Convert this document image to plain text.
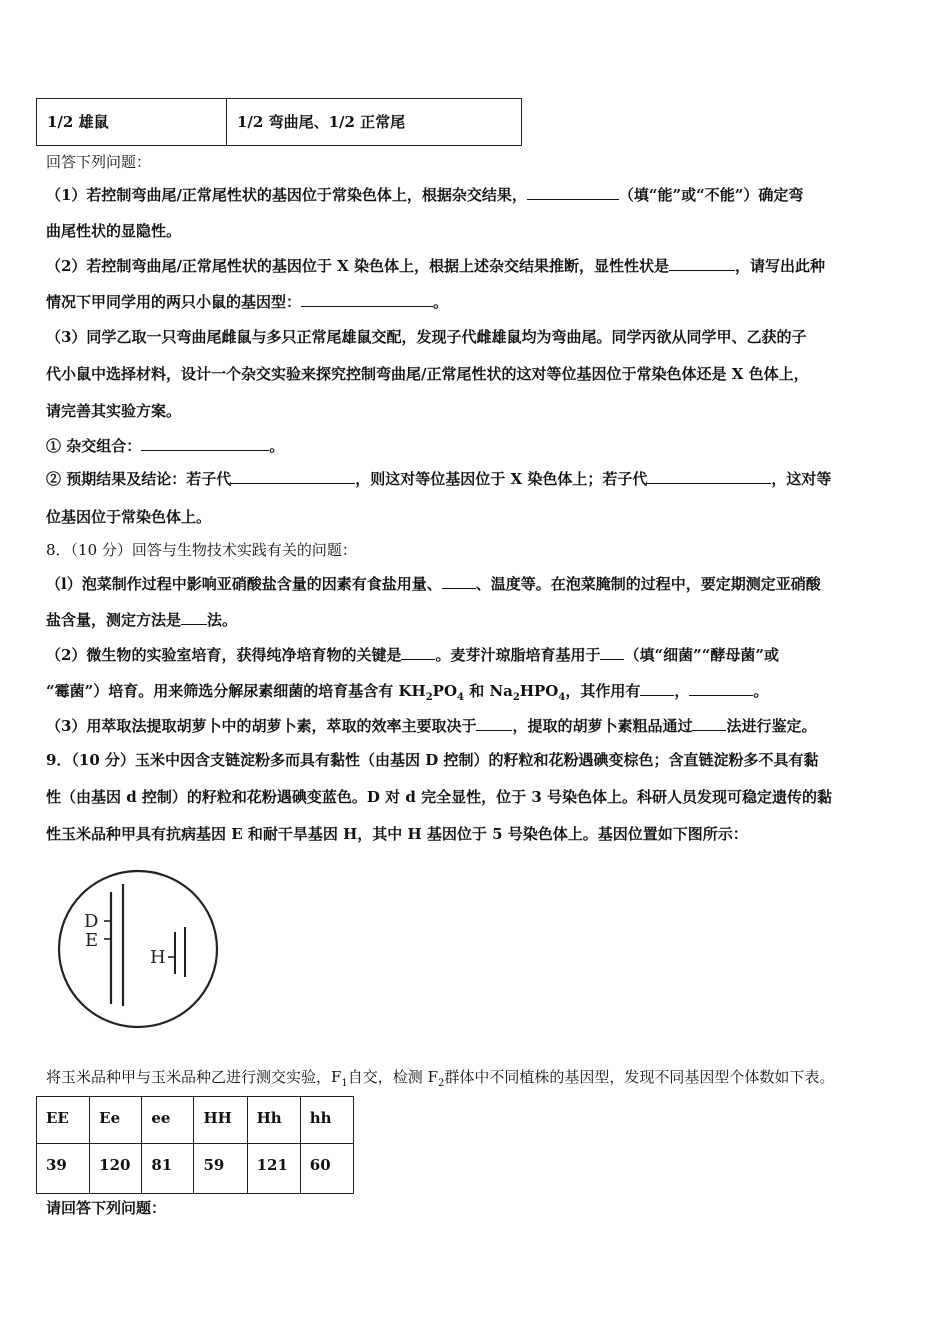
1/2 雄鼠	1/2 弯曲尾、1/2 正常尾
回答下列问题：
（1）若控制弯曲尾/正常尾性状的基因位于常染色体上，根据杂交结果，	（填“能”或“不能”）确定弯
曲尾性状的显隐性。
（2）若控制弯曲尾/正常尾性状的基因位于 X 染色体上，根据上述杂交结果推断，显性性状是	，请写出此种
情况下甲同学用的两只小鼠的基因型：	。
（3）同学乙取一只弯曲尾雌鼠与多只正常尾雄鼠交配，发现子代雌雄鼠均为弯曲尾。同学丙欲从同学甲、乙获的子
代小鼠中选择材料，设计一个杂交实验来探究控制弯曲尾/正常尾性状的这对等位基因位于常染色体还是 X 色体上，
请完善其实验方案。
① 杂交组合：	。
② 预期结果及结论：若子代	，则这对等位基因位于 X 染色体上；若子代	，这对等
位基因位于常染色体上。
8．（10 分）回答与生物技术实践有关的问题：
（l）泡菜制作过程中影响亚硝酸盐含量的因素有食盐用量、 、温度等。在泡菜腌制的过程中，要定期测定亚硝酸
盐含量，测定方法是 法。
（2）微生物的实验室培育，获得纯净培育物的关键是 。麦芽汁琼脂培育基用于 （填“细菌”“酵母菌”或
“霉菌”）培育。用来筛选分解尿素细菌的培育基含有 $KH_2PO_4$ 和 $Na_2HPO_4$，其作用有 ，	。
（3）用萃取法提取胡萝卜中的胡萝卜素，萃取的效率主要取决于 ，提取的胡萝卜素粗品通过 法进行鉴定。
9．（10 分）玉米中因含支链淀粉多而具有黏性（由基因 D 控制）的籽粒和花粉遇碘变棕色；含直链淀粉多不具有黏
性（由基因 d 控制）的籽粒和花粉遇碘变蓝色。D 对 d 完全显性，位于 3 号染色体上。科研人员发现可稳定遗传的黏
性玉米品种甲具有抗病基因 E 和耐干旱基因 H，其中 H 基因位于 5 号染色体上。基因位置如下图所示：
D
E
H
将玉米品种甲与玉米品种乙进行测交实验，$F_1$自交，检测 $F_2$群体中不同植株的基因型，发现不同基因型个体数如下表。
EE	Ee	ee	HH	Hh	hh
39	120	81	59	121	60
请回答下列问题：
